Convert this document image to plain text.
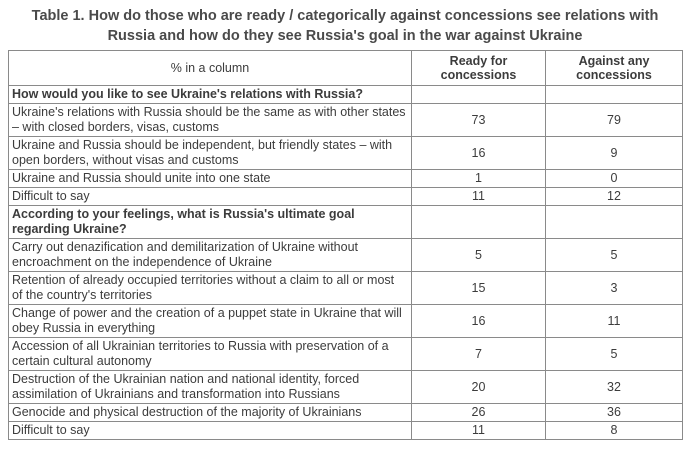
Table 1. How do those who are ready / categorically against concessions see relations with
Russia and how do they see Russia's goal in the war against Ukraine
% in a column	Ready for concessions	Against any concessions
How would you like to see Ukraine's relations with Russia?		
Ukraine's relations with Russia should be the same as with other states – with closed borders, visas, customs	73	79
Ukraine and Russia should be independent, but friendly states – with open borders, without visas and customs	16	9
Ukraine and Russia should unite into one state	1	0
Difficult to say	11	12
According to your feelings, what is Russia's ultimate goal regarding Ukraine?		
Carry out denazification and demilitarization of Ukraine without encroachment on the independence of Ukraine	5	5
Retention of already occupied territories without a claim to all or most of the country's territories	15	3
Change of power and the creation of a puppet state in Ukraine that will obey Russia in everything	16	11
Accession of all Ukrainian territories to Russia with preservation of a certain cultural autonomy	7	5
Destruction of the Ukrainian nation and national identity, forced assimilation of Ukrainians and transformation into Russians	20	32
Genocide and physical destruction of the majority of Ukrainians	26	36
Difficult to say	11	8
